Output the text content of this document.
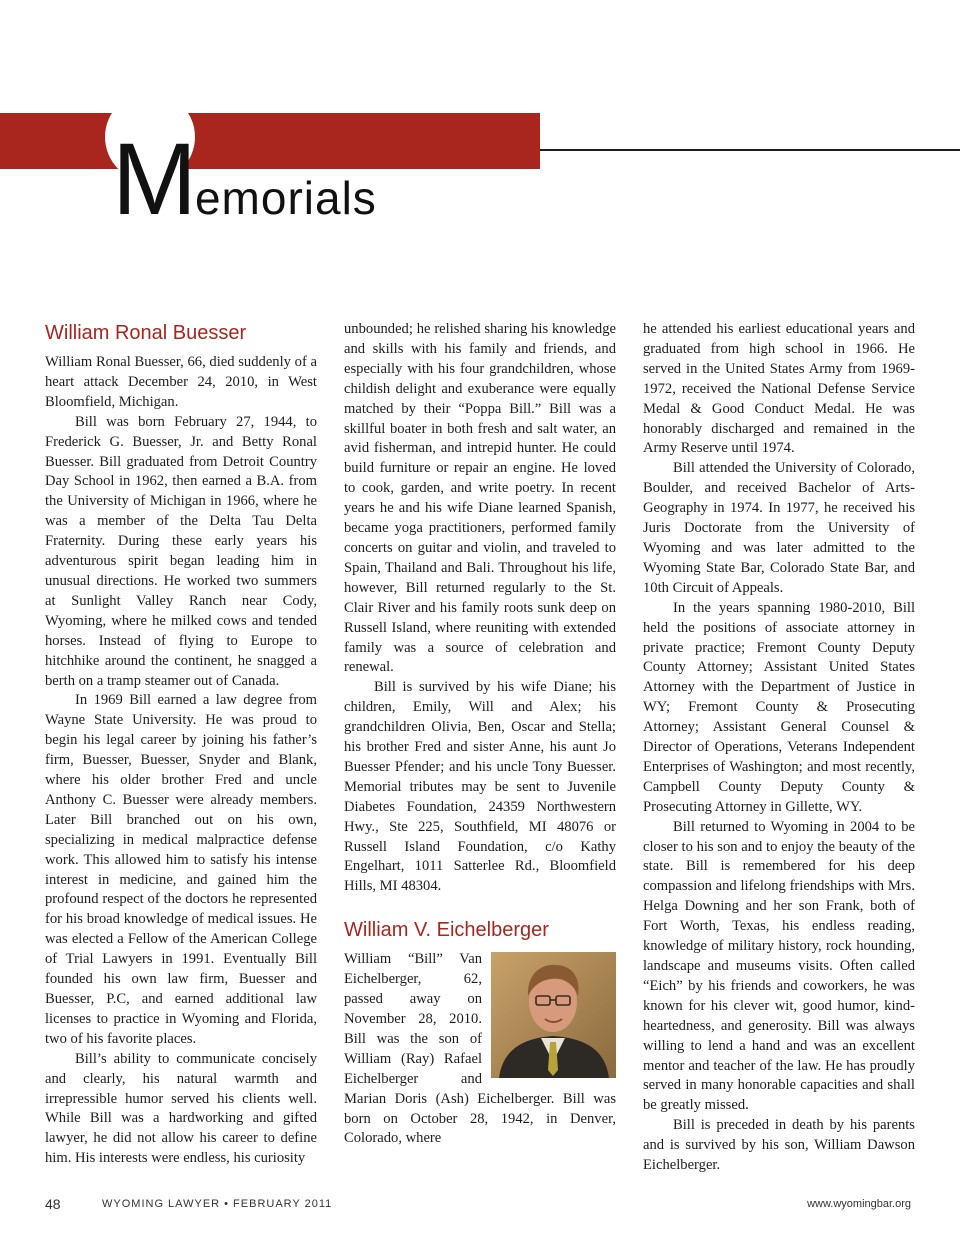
Memorials
William Ronal Buesser

William Ronal Buesser, 66, died suddenly of a heart attack December 24, 2010, in West Bloomfield, Michigan.

Bill was born February 27, 1944, to Frederick G. Buesser, Jr. and Betty Ronal Buesser. Bill graduated from Detroit Country Day School in 1962, then earned a B.A. from the University of Michigan in 1966, where he was a member of the Delta Tau Delta Fraternity. During these early years his adventurous spirit began leading him in unusual directions. He worked two summers at Sunlight Valley Ranch near Cody, Wyoming, where he milked cows and tended horses. Instead of flying to Europe to hitchhike around the continent, he snagged a berth on a tramp steamer out of Canada.

In 1969 Bill earned a law degree from Wayne State University. He was proud to begin his legal career by joining his father’s firm, Buesser, Buesser, Snyder and Blank, where his older brother Fred and uncle Anthony C. Buesser were already members. Later Bill branched out on his own, specializing in medical malpractice defense work. This allowed him to satisfy his intense interest in medicine, and gained him the profound respect of the doctors he represented for his broad knowledge of medical issues. He was elected a Fellow of the American College of Trial Lawyers in 1991. Eventually Bill founded his own law firm, Buesser and Buesser, P.C, and earned additional law licenses to practice in Wyoming and Florida, two of his favorite places.

Bill’s ability to communicate concisely and clearly, his natural warmth and irrepressible humor served his clients well. While Bill was a hardworking and gifted lawyer, he did not allow his career to define him. His interests were endless, his curiosity

unbounded; he relished sharing his knowledge and skills with his family and friends, and especially with his four grandchildren, whose childish delight and exuberance were equally matched by their “Poppa Bill.” Bill was a skillful boater in both fresh and salt water, an avid fisherman, and intrepid hunter. He could build furniture or repair an engine. He loved to cook, garden, and write poetry. In recent years he and his wife Diane learned Spanish, became yoga practitioners, performed family concerts on guitar and violin, and traveled to Spain, Thailand and Bali. Throughout his life, however, Bill returned regularly to the St. Clair River and his family roots sunk deep on Russell Island, where reuniting with extended family was a source of celebration and renewal.

Bill is survived by his wife Diane; his children, Emily, Will and Alex; his grandchildren Olivia, Ben, Oscar and Stella; his brother Fred and sister Anne, his aunt Jo Buesser Pfender; and his uncle Tony Buesser. Memorial tributes may be sent to Juvenile Diabetes Foundation, 24359 Northwestern Hwy., Ste 225, Southfield, MI 48076 or Russell Island Foundation, c/o Kathy Engelhart, 1011 Satterlee Rd., Bloomfield Hills, MI 48304.

William V. Eichelberger

William “Bill” Van Eichelberger, 62, passed away on November 28, 2010. Bill was the son of William (Ray) Rafael Eichelberger and Marian Doris (Ash) Eichelberger. Bill was born on October 28, 1942, in Denver, Colorado, where

he attended his earliest educational years and graduated from high school in 1966. He served in the United States Army from 1969-1972, received the National Defense Service Medal & Good Conduct Medal. He was honorably discharged and remained in the Army Reserve until 1974.

Bill attended the University of Colorado, Boulder, and received Bachelor of Arts-Geography in 1974. In 1977, he received his Juris Doctorate from the University of Wyoming and was later admitted to the Wyoming State Bar, Colorado State Bar, and 10th Circuit of Appeals.

In the years spanning 1980-2010, Bill held the positions of associate attorney in private practice; Fremont County Deputy County Attorney; Assistant United States Attorney with the Department of Justice in WY; Fremont County & Prosecuting Attorney; Assistant General Counsel & Director of Operations, Veterans Independent Enterprises of Washington; and most recently, Campbell County Deputy County & Prosecuting Attorney in Gillette, WY.

Bill returned to Wyoming in 2004 to be closer to his son and to enjoy the beauty of the state. Bill is remembered for his deep compassion and lifelong friendships with Mrs. Helga Downing and her son Frank, both of Fort Worth, Texas, his endless reading, knowledge of military history, rock hounding, landscape and museums visits. Often called “Eich” by his friends and coworkers, he was known for his clever wit, good humor, kind-heartedness, and generosity. Bill was always willing to lend a hand and was an excellent mentor and teacher of the law. He has proudly served in many honorable capacities and shall be greatly missed.

Bill is preceded in death by his parents and is survived by his son, William Dawson Eichelberger.

48	WYOMING LAWYER • FEBRUARY 2011	www.wyomingbar.org
